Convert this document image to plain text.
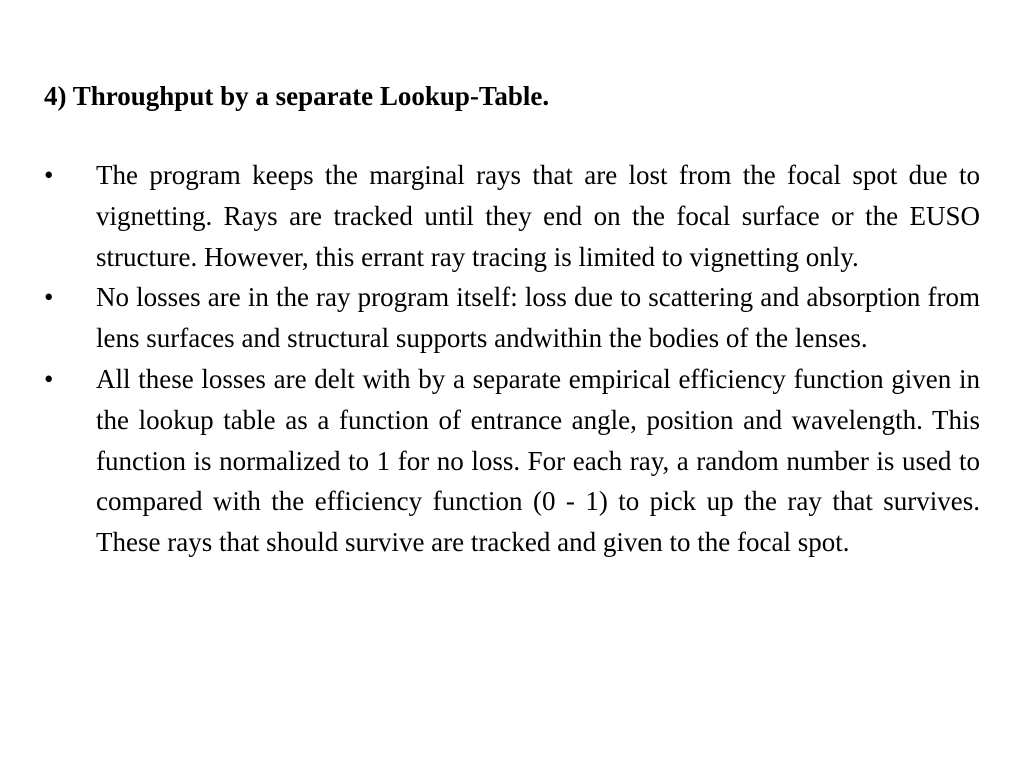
4) Throughput by a separate Lookup-Table.
•	The program keeps the marginal rays that are lost from the focal spot due to vignetting. Rays are tracked until they end on the focal surface or the EUSO structure. However, this errant ray tracing is limited to vignetting only.
•	No losses are in the ray program itself: loss due to scattering and absorption from lens surfaces and structural supports andwithin the bodies of the lenses.
•	All these losses are delt with by a separate empirical efficiency function given in the lookup table as a function of entrance angle, position and wavelength. This function is normalized to 1 for no loss. For each ray, a random number is used to compared with the efficiency function (0 - 1) to pick up the ray that survives. These rays that should survive are tracked and given to the focal spot.
